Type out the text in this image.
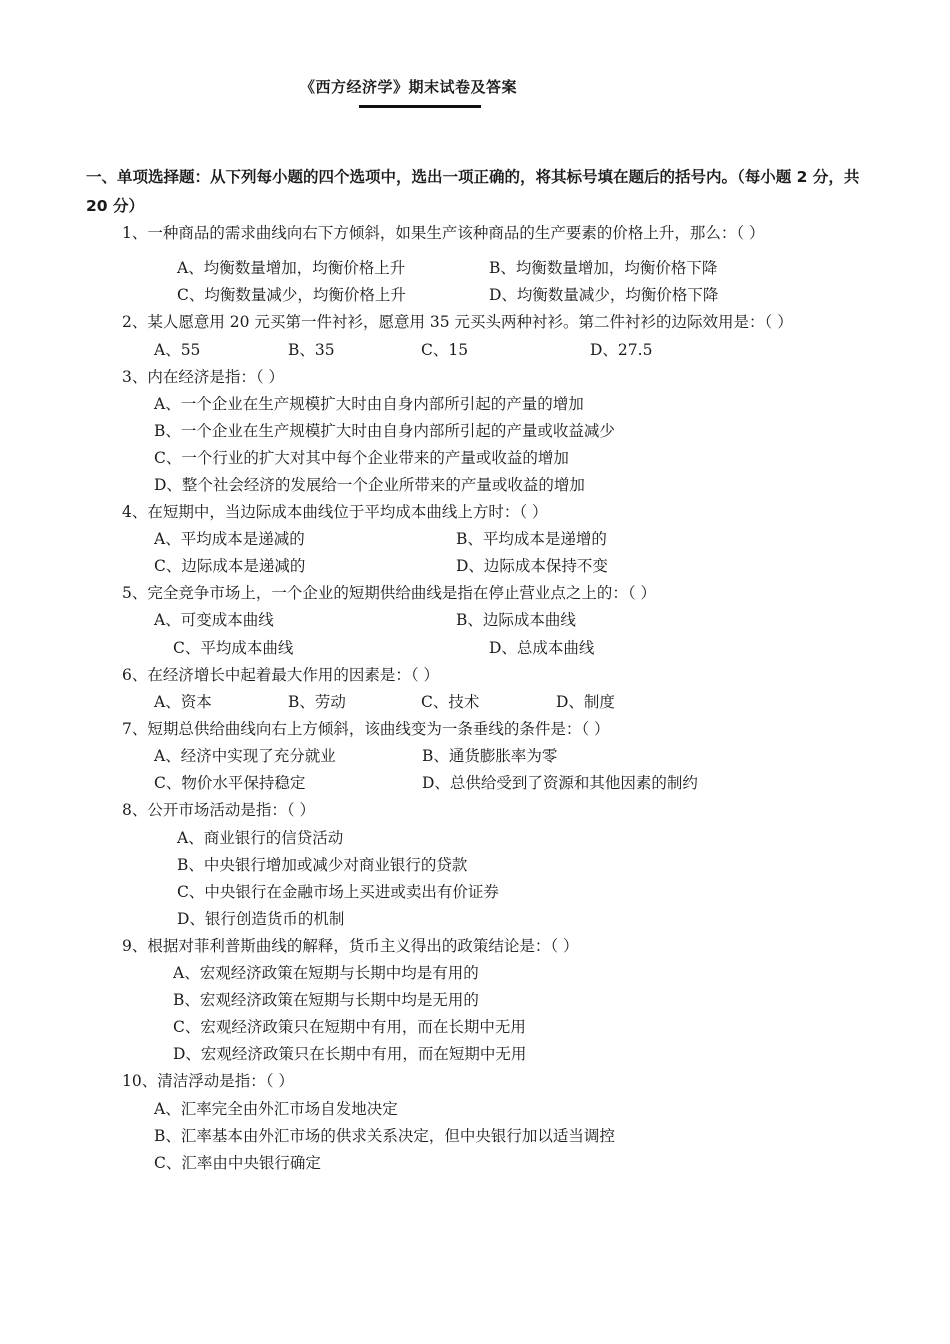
《西方经济学》期末试卷及答案
一、单项选择题：从下列每小题的四个选项中，选出一项正确的，将其标号填在题后的括号内。（每小题 2 分，共 20 分）
1、一种商品的需求曲线向右下方倾斜，如果生产该种商品的生产要素的价格上升，那么：（ ）
A、均衡数量增加，均衡价格上升	B、均衡数量增加，均衡价格下降
C、均衡数量减少，均衡价格上升	D、均衡数量减少，均衡价格下降
2、某人愿意用 20 元买第一件衬衫，愿意用 35 元买头两种衬衫。第二件衬衫的边际效用是：（ ）
A、55	B、35	C、15	D、27.5
3、内在经济是指：（ ）
A、一个企业在生产规模扩大时由自身内部所引起的产量的增加
B、一个企业在生产规模扩大时由自身内部所引起的产量或收益减少
C、一个行业的扩大对其中每个企业带来的产量或收益的增加
D、整个社会经济的发展给一个企业所带来的产量或收益的增加
4、在短期中，当边际成本曲线位于平均成本曲线上方时：（ ）
A、平均成本是递减的	B、平均成本是递增的
C、边际成本是递减的	D、边际成本保持不变
5、完全竞争市场上，一个企业的短期供给曲线是指在停止营业点之上的：（ ）
A、可变成本曲线	B、边际成本曲线
C、平均成本曲线	D、总成本曲线
6、在经济增长中起着最大作用的因素是：（ ）
A、资本	B、劳动	C、技术	D、制度
7、短期总供给曲线向右上方倾斜，该曲线变为一条垂线的条件是：（ ）
A、经济中实现了充分就业	B、通货膨胀率为零
C、物价水平保持稳定	D、总供给受到了资源和其他因素的制约
8、公开市场活动是指：（ ）
A、商业银行的信贷活动
B、中央银行增加或减少对商业银行的贷款
C、中央银行在金融市场上买进或卖出有价证券
D、银行创造货币的机制
9、根据对菲利普斯曲线的解释，货币主义得出的政策结论是：（ ）
A、宏观经济政策在短期与长期中均是有用的
B、宏观经济政策在短期与长期中均是无用的
C、宏观经济政策只在短期中有用，而在长期中无用
D、宏观经济政策只在长期中有用，而在短期中无用
10、清洁浮动是指：（ ）
A、汇率完全由外汇市场自发地决定
B、汇率基本由外汇市场的供求关系决定，但中央银行加以适当调控
C、汇率由中央银行确定
